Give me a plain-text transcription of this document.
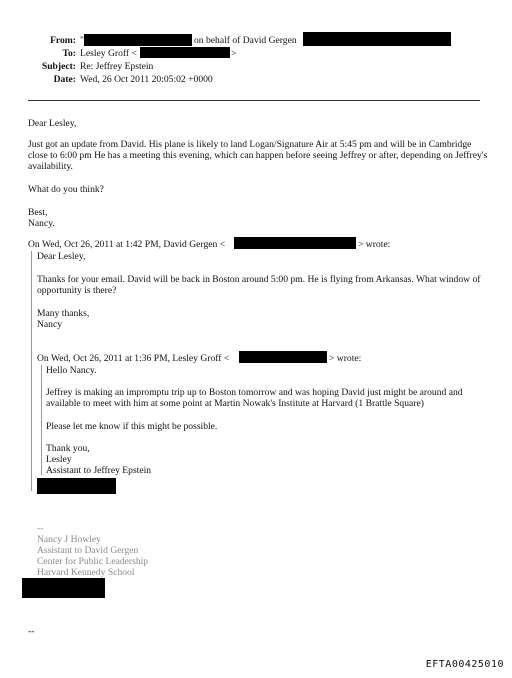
From: "	on behalf of David Gergen
To: Lesley Groff <	>
Subject: Re: Jeffrey Epstein
Date: Wed, 26 Oct 2011 20:05:02 +0000
Dear Lesley,
Just got an update from David. His plane is likely to land Logan/Signature Air at 5:45 pm and will be in Cambridge close to 6:00 pm He has a meeting this evening, which can happen before seeing Jeffrey or after, depending on Jeffrey's availability.
What do you think?
Best,
Nancy.
On Wed, Oct 26, 2011 at 1:42 PM, David Gergen <	> wrote:
Dear Lesley,
Thanks for your email. David will be back in Boston around 5:00 pm. He is flying from Arkansas. What window of opportunity is there?
Many thanks,
Nancy
On Wed, Oct 26, 2011 at 1:36 PM, Lesley Groff <	> wrote:
Hello Nancy.
Jeffrey is making an impromptu trip up to Boston tomorrow and was hoping David just might be around and available to meet with him at some point at Martin Nowak's Institute at Harvard (1 Brattle Square)
Please let me know if this might be possible.
Thank you,
Lesley
Assistant to Jeffrey Epstein
--
Nancy J Howley
Assistant to David Gergen
Center for Public Leadership
Harvard Kennedy School
--
EFTA00425010
